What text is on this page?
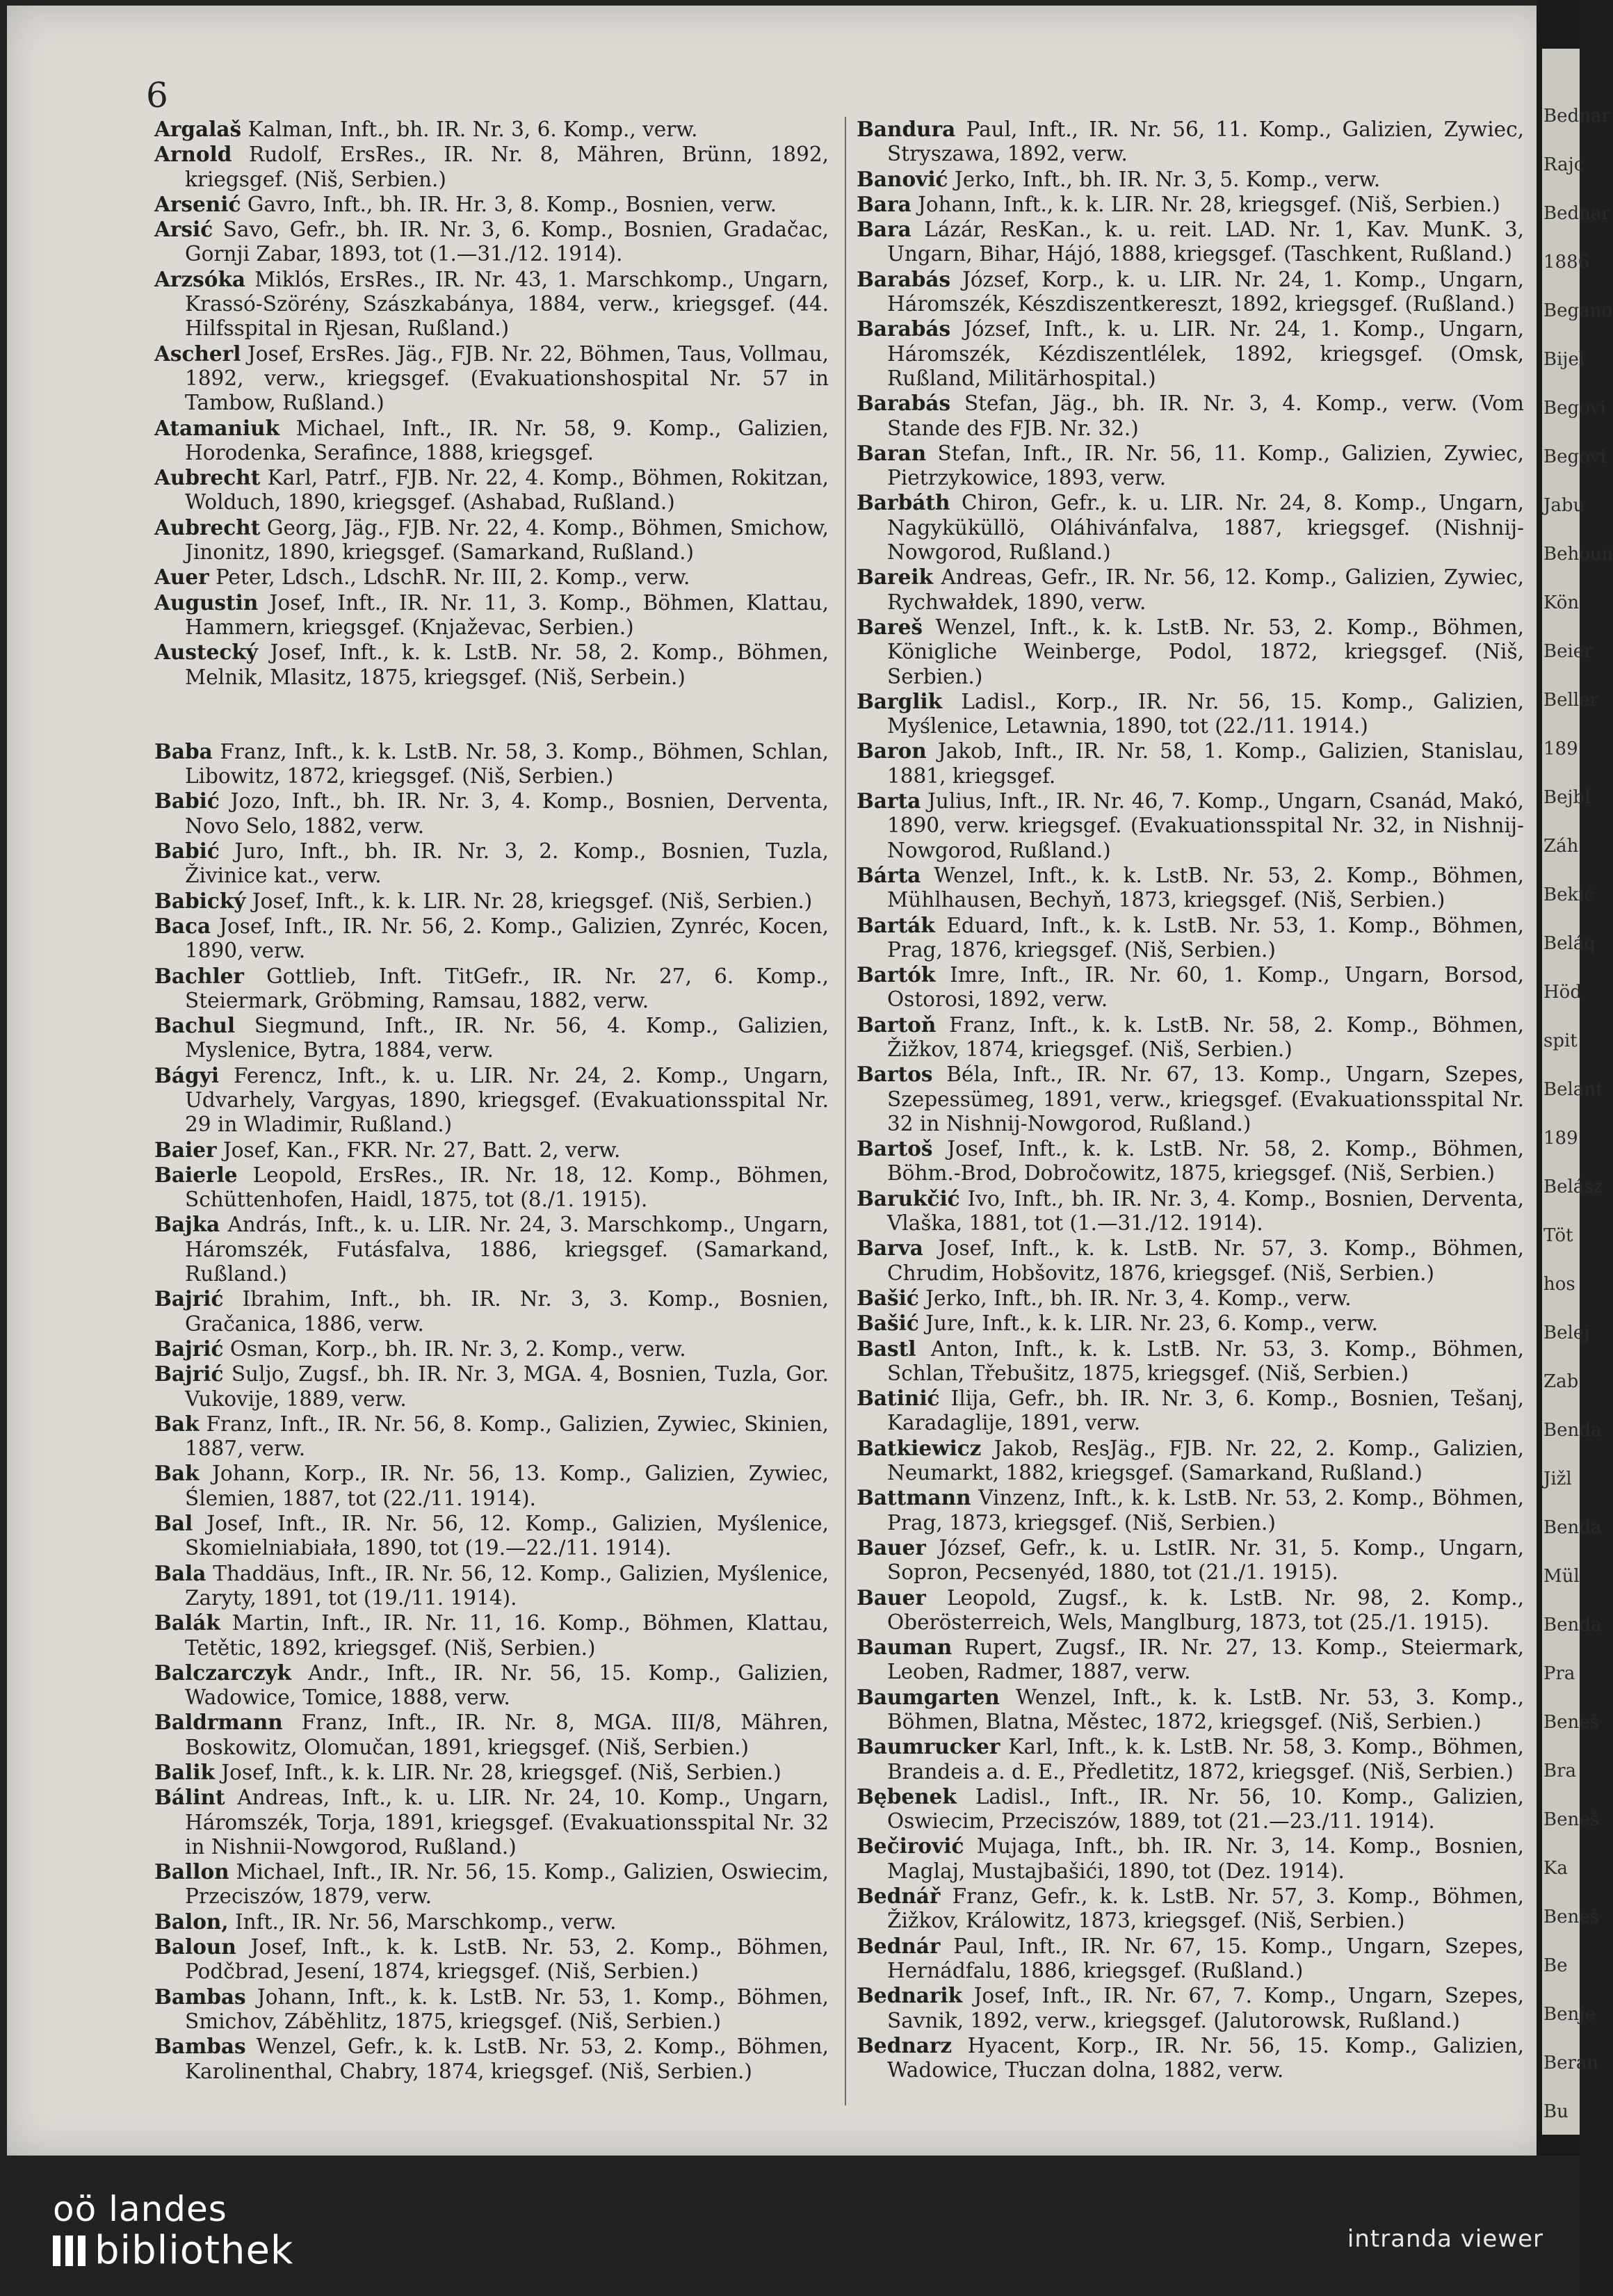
6

Argalaš Kalman, Inft., bh. IR. Nr. 3, 6. Komp., verw.

Arnold Rudolf, ErsRes., IR. Nr. 8, Mähren, Brünn, 1892, kriegsgef. (Niš, Serbien.)

Arsenić Gavro, Inft., bh. IR. Hr. 3, 8. Komp., Bosnien, verw.

Arsić Savo, Gefr., bh. IR. Nr. 3, 6. Komp., Bosnien, Gradačac, Gornji Zabar, 1893, tot (1.—31./12. 1914).

Arzsóka Miklós, ErsRes., IR. Nr. 43, 1. Marschkomp., Ungarn, Krassó-Szörény, Szászkabánya, 1884, verw., kriegsgef. (44. Hilfsspital in Rjesan, Rußland.)

Ascherl Josef, ErsRes. Jäg., FJB. Nr. 22, Böhmen, Taus, Vollmau, 1892, verw., kriegsgef. (Evakuationshospital Nr. 57 in Tambow, Rußland.)

Atamaniuk Michael, Inft., IR. Nr. 58, 9. Komp., Galizien, Horodenka, Serafince, 1888, kriegsgef.

Aubrecht Karl, Patrf., FJB. Nr. 22, 4. Komp., Böhmen, Rokitzan, Wolduch, 1890, kriegsgef. (Ashabad, Rußland.)

Aubrecht Georg, Jäg., FJB. Nr. 22, 4. Komp., Böhmen, Smichow, Jinonitz, 1890, kriegsgef. (Samarkand, Rußland.)

Auer Peter, Ldsch., LdschR. Nr. III, 2. Komp., verw.

Augustin Josef, Inft., IR. Nr. 11, 3. Komp., Böhmen, Klattau, Hammern, kriegsgef. (Knjaževac, Serbien.)

Austecký Josef, Inft., k. k. LstB. Nr. 58, 2. Komp., Böhmen, Melnik, Mlasitz, 1875, kriegsgef. (Niš, Serbein.)

Baba Franz, Inft., k. k. LstB. Nr. 58, 3. Komp., Böhmen, Schlan, Libowitz, 1872, kriegsgef. (Niš, Serbien.)

Babić Jozo, Inft., bh. IR. Nr. 3, 4. Komp., Bosnien, Derventa, Novo Selo, 1882, verw.

Babić Juro, Inft., bh. IR. Nr. 3, 2. Komp., Bosnien, Tuzla, Živinice kat., verw.

Babický Josef, Inft., k. k. LIR. Nr. 28, kriegsgef. (Niš, Serbien.)

Baca Josef, Inft., IR. Nr. 56, 2. Komp., Galizien, Zynréc, Kocen, 1890, verw.

Bachler Gottlieb, Inft. TitGefr., IR. Nr. 27, 6. Komp., Steiermark, Gröbming, Ramsau, 1882, verw.

Bachul Siegmund, Inft., IR. Nr. 56, 4. Komp., Galizien, Myslenice, Bytra, 1884, verw.

Bágyi Ferencz, Inft., k. u. LIR. Nr. 24, 2. Komp., Ungarn, Udvarhely, Vargyas, 1890, kriegsgef. (Evakuationsspital Nr. 29 in Wladimir, Rußland.)

Baier Josef, Kan., FKR. Nr. 27, Batt. 2, verw.

Baierle Leopold, ErsRes., IR. Nr. 18, 12. Komp., Böhmen, Schüttenhofen, Haidl, 1875, tot (8./1. 1915).

Bajka András, Inft., k. u. LIR. Nr. 24, 3. Marschkomp., Ungarn, Háromszék, Futásfalva, 1886, kriegsgef. (Samarkand, Rußland.)

Bajrić Ibrahim, Inft., bh. IR. Nr. 3, 3. Komp., Bosnien, Gračanica, 1886, verw.

Bajrić Osman, Korp., bh. IR. Nr. 3, 2. Komp., verw.

Bajrić Suljo, Zugsf., bh. IR. Nr. 3, MGA. 4, Bosnien, Tuzla, Gor. Vukovije, 1889, verw.

Bak Franz, Inft., IR. Nr. 56, 8. Komp., Galizien, Zywiec, Skinien, 1887, verw.

Bak Johann, Korp., IR. Nr. 56, 13. Komp., Galizien, Zywiec, Ślemien, 1887, tot (22./11. 1914).

Bal Josef, Inft., IR. Nr. 56, 12. Komp., Galizien, Myślenice, Skomielniabiała, 1890, tot (19.—22./11. 1914).

Bala Thaddäus, Inft., IR. Nr. 56, 12. Komp., Galizien, Myślenice, Zaryty, 1891, tot (19./11. 1914).

Balák Martin, Inft., IR. Nr. 11, 16. Komp., Böhmen, Klattau, Tetětic, 1892, kriegsgef. (Niš, Serbien.)

Balczarczyk Andr., Inft., IR. Nr. 56, 15. Komp., Galizien, Wadowice, Tomice, 1888, verw.

Baldrmann Franz, Inft., IR. Nr. 8, MGA. III/8, Mähren, Boskowitz, Olomučan, 1891, kriegsgef. (Niš, Serbien.)

Balik Josef, Inft., k. k. LIR. Nr. 28, kriegsgef. (Niš, Serbien.)

Bálint Andreas, Inft., k. u. LIR. Nr. 24, 10. Komp., Ungarn, Háromszék, Torja, 1891, kriegsgef. (Evakuationsspital Nr. 32 in Nishnii-Nowgorod, Rußland.)

Ballon Michael, Inft., IR. Nr. 56, 15. Komp., Galizien, Oswiecim, Przeciszów, 1879, verw.

Balon, Inft., IR. Nr. 56, Marschkomp., verw.

Baloun Josef, Inft., k. k. LstB. Nr. 53, 2. Komp., Böhmen, Podčbrad, Jesení, 1874, kriegsgef. (Niš, Serbien.)

Bambas Johann, Inft., k. k. LstB. Nr. 53, 1. Komp., Böhmen, Smichov, Záběhlitz, 1875, kriegsgef. (Niš, Serbien.)

Bambas Wenzel, Gefr., k. k. LstB. Nr. 53, 2. Komp., Böhmen, Karolinenthal, Chabry, 1874, kriegsgef. (Niš, Serbien.)

Bandura Paul, Inft., IR. Nr. 56, 11. Komp., Galizien, Zywiec, Stryszawa, 1892, verw.

Banović Jerko, Inft., bh. IR. Nr. 3, 5. Komp., verw.

Bara Johann, Inft., k. k. LIR. Nr. 28, kriegsgef. (Niš, Serbien.)

Bara Lázár, ResKan., k. u. reit. LAD. Nr. 1, Kav. MunK. 3, Ungarn, Bihar, Hájó, 1888, kriegsgef. (Taschkent, Rußland.)

Barabás József, Korp., k. u. LIR. Nr. 24, 1. Komp., Ungarn, Háromszék, Készdiszentkereszt, 1892, kriegsgef. (Rußland.)

Barabás József, Inft., k. u. LIR. Nr. 24, 1. Komp., Ungarn, Háromszék, Kézdiszentlélek, 1892, kriegsgef. (Omsk, Rußland, Militärhospital.)

Barabás Stefan, Jäg., bh. IR. Nr. 3, 4. Komp., verw. (Vom Stande des FJB. Nr. 32.)

Baran Stefan, Inft., IR. Nr. 56, 11. Komp., Galizien, Zywiec, Pietrzykowice, 1893, verw.

Barbáth Chiron, Gefr., k. u. LIR. Nr. 24, 8. Komp., Ungarn, Nagyküküllö, Oláhivánfalva, 1887, kriegsgef. (Nishnij-Nowgorod, Rußland.)

Bareik Andreas, Gefr., IR. Nr. 56, 12. Komp., Galizien, Zywiec, Rychwałdek, 1890, verw.

Bareš Wenzel, Inft., k. k. LstB. Nr. 53, 2. Komp., Böhmen, Königliche Weinberge, Podol, 1872, kriegsgef. (Niš, Serbien.)

Barglik Ladisl., Korp., IR. Nr. 56, 15. Komp., Galizien, Myślenice, Letawnia, 1890, tot (22./11. 1914.)

Baron Jakob, Inft., IR. Nr. 58, 1. Komp., Galizien, Stanislau, 1881, kriegsgef.

Barta Julius, Inft., IR. Nr. 46, 7. Komp., Ungarn, Csanád, Makó, 1890, verw. kriegsgef. (Evakuationsspital Nr. 32, in Nishnij-Nowgorod, Rußland.)

Bárta Wenzel, Inft., k. k. LstB. Nr. 53, 2. Komp., Böhmen, Mühlhausen, Bechyň, 1873, kriegsgef. (Niš, Serbien.)

Barták Eduard, Inft., k. k. LstB. Nr. 53, 1. Komp., Böhmen, Prag, 1876, kriegsgef. (Niš, Serbien.)

Bartók Imre, Inft., IR. Nr. 60, 1. Komp., Ungarn, Borsod, Ostorosi, 1892, verw.

Bartoň Franz, Inft., k. k. LstB. Nr. 58, 2. Komp., Böhmen, Žižkov, 1874, kriegsgef. (Niš, Serbien.)

Bartos Béla, Inft., IR. Nr. 67, 13. Komp., Ungarn, Szepes, Szepessümeg, 1891, verw., kriegsgef. (Evakuationsspital Nr. 32 in Nishnij-Nowgorod, Rußland.)

Bartoš Josef, Inft., k. k. LstB. Nr. 58, 2. Komp., Böhmen, Böhm.-Brod, Dobročowitz, 1875, kriegsgef. (Niš, Serbien.)

Barukčić Ivo, Inft., bh. IR. Nr. 3, 4. Komp., Bosnien, Derventa, Vlaška, 1881, tot (1.—31./12. 1914).

Barva Josef, Inft., k. k. LstB. Nr. 57, 3. Komp., Böhmen, Chrudim, Hobšovitz, 1876, kriegsgef. (Niš, Serbien.)

Bašić Jerko, Inft., bh. IR. Nr. 3, 4. Komp., verw.

Bašić Jure, Inft., k. k. LIR. Nr. 23, 6. Komp., verw.

Bastl Anton, Inft., k. k. LstB. Nr. 53, 3. Komp., Böhmen, Schlan, Třebušitz, 1875, kriegsgef. (Niš, Serbien.)

Batinić Ilija, Gefr., bh. IR. Nr. 3, 6. Komp., Bosnien, Tešanj, Karadaglije, 1891, verw.

Batkiewicz Jakob, ResJäg., FJB. Nr. 22, 2. Komp., Galizien, Neumarkt, 1882, kriegsgef. (Samarkand, Rußland.)

Battmann Vinzenz, Inft., k. k. LstB. Nr. 53, 2. Komp., Böhmen, Prag, 1873, kriegsgef. (Niš, Serbien.)

Bauer József, Gefr., k. u. LstIR. Nr. 31, 5. Komp., Ungarn, Sopron, Pecsenyéd, 1880, tot (21./1. 1915).

Bauer Leopold, Zugsf., k. k. LstB. Nr. 98, 2. Komp., Oberösterreich, Wels, Manglburg, 1873, tot (25./1. 1915).

Bauman Rupert, Zugsf., IR. Nr. 27, 13. Komp., Steiermark, Leoben, Radmer, 1887, verw.

Baumgarten Wenzel, Inft., k. k. LstB. Nr. 53, 3. Komp., Böhmen, Blatna, Městec, 1872, kriegsgef. (Niš, Serbien.)

Baumrucker Karl, Inft., k. k. LstB. Nr. 58, 3. Komp., Böhmen, Brandeis a. d. E., Předletitz, 1872, kriegsgef. (Niš, Serbien.)

Bębenek Ladisl., Inft., IR. Nr. 56, 10. Komp., Galizien, Oswiecim, Przeciszów, 1889, tot (21.—23./11. 1914).

Bečirović Mujaga, Inft., bh. IR. Nr. 3, 14. Komp., Bosnien, Maglaj, Mustajbašići, 1890, tot (Dez. 1914).

Bednář Franz, Gefr., k. k. LstB. Nr. 57, 3. Komp., Böhmen, Žižkov, Králowitz, 1873, kriegsgef. (Niš, Serbien.)

Bednár Paul, Inft., IR. Nr. 67, 15. Komp., Ungarn, Szepes, Hernádfalu, 1886, kriegsgef. (Rußland.)

Bednarik Josef, Inft., IR. Nr. 67, 7. Komp., Ungarn, Szepes, Savnik, 1892, verw., kriegsgef. (Jalutorowsk, Rußland.)

Bednarz Hyacent, Korp., IR. Nr. 56, 15. Komp., Galizien, Wadowice, Tłuczan dolna, 1882, verw.

Bednar
Rajc
Bednar
1886
Begano
Bijel
Begovi
Begovi
Jabu
Behoun
Kön
Beier
Beller
189
Bejbl
Záh
Bekić
Beláq
Höd
spit
Belant
189
Belász
Töt
hos
Belej
Zab
Benda
Jižl
Benda
Mül
Benda
Pra
Beneš
Bra
Beneš
Ka
Beneš
Be
Benje
Beran
Bu
oö landes
bibliothek	intranda viewer
